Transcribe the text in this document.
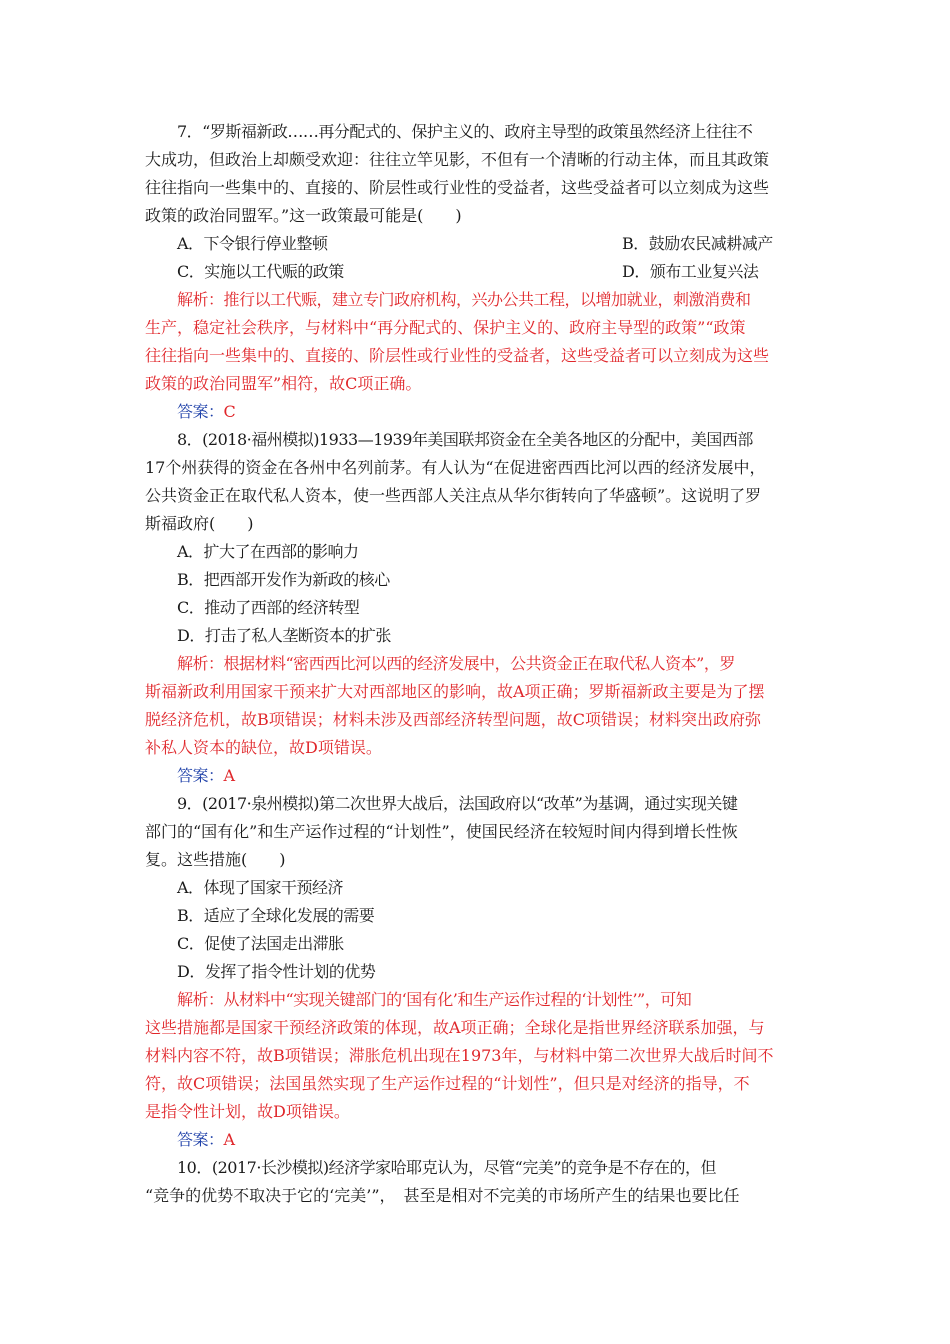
7．“罗斯福新政……再分配式的、保护主义的、政府主导型的政策虽然经济上往往不
大成功，但政治上却颇受欢迎：往往立竿见影，不但有一个清晰的行动主体，而且其政策
往往指向一些集中的、直接的、阶层性或行业性的受益者，这些受益者可以立刻成为这些
政策的政治同盟军。”这一政策最可能是(　　)
A．下令银行停业整顿	B．鼓励农民减耕减产
C．实施以工代赈的政策	D．颁布工业复兴法
解析：推行以工代赈，建立专门政府机构，兴办公共工程，以增加就业，刺激消费和
生产，稳定社会秩序，与材料中“再分配式的、保护主义的、政府主导型的政策”“政策
往往指向一些集中的、直接的、阶层性或行业性的受益者，这些受益者可以立刻成为这些
政策的政治同盟军”相符，故C项正确。
答案：C
8．(2018·福州模拟)1933—1939年美国联邦资金在全美各地区的分配中，美国西部
17个州获得的资金在各州中名列前茅。有人认为“在促进密西西比河以西的经济发展中，
公共资金正在取代私人资本，使一些西部人关注点从华尔街转向了华盛顿”。这说明了罗
斯福政府(　　)
A．扩大了在西部的影响力
B．把西部开发作为新政的核心
C．推动了西部的经济转型
D．打击了私人垄断资本的扩张
解析：根据材料“密西西比河以西的经济发展中，公共资金正在取代私人资本”，罗
斯福新政利用国家干预来扩大对西部地区的影响，故A项正确；罗斯福新政主要是为了摆
脱经济危机，故B项错误；材料未涉及西部经济转型问题，故C项错误；材料突出政府弥
补私人资本的缺位，故D项错误。
答案：A
9．(2017·泉州模拟)第二次世界大战后，法国政府以“改革”为基调，通过实现关键
部门的“国有化”和生产运作过程的“计划性”，使国民经济在较短时间内得到增长性恢
复。这些措施(　　)
A．体现了国家干预经济
B．适应了全球化发展的需要
C．促使了法国走出滞胀
D．发挥了指令性计划的优势
解析：从材料中“实现关键部门的‘国有化’和生产运作过程的‘计划性’”，可知
这些措施都是国家干预经济政策的体现，故A项正确；全球化是指世界经济联系加强，与
材料内容不符，故B项错误；滞胀危机出现在1973年，与材料中第二次世界大战后时间不
符，故C项错误；法国虽然实现了生产运作过程的“计划性”，但只是对经济的指导，不
是指令性计划，故D项错误。
答案：A
10．(2017·长沙模拟)经济学家哈耶克认为，尽管“完美”的竞争是不存在的，但
“竞争的优势不取决于它的‘完美’”，　甚至是相对不完美的市场所产生的结果也要比任
